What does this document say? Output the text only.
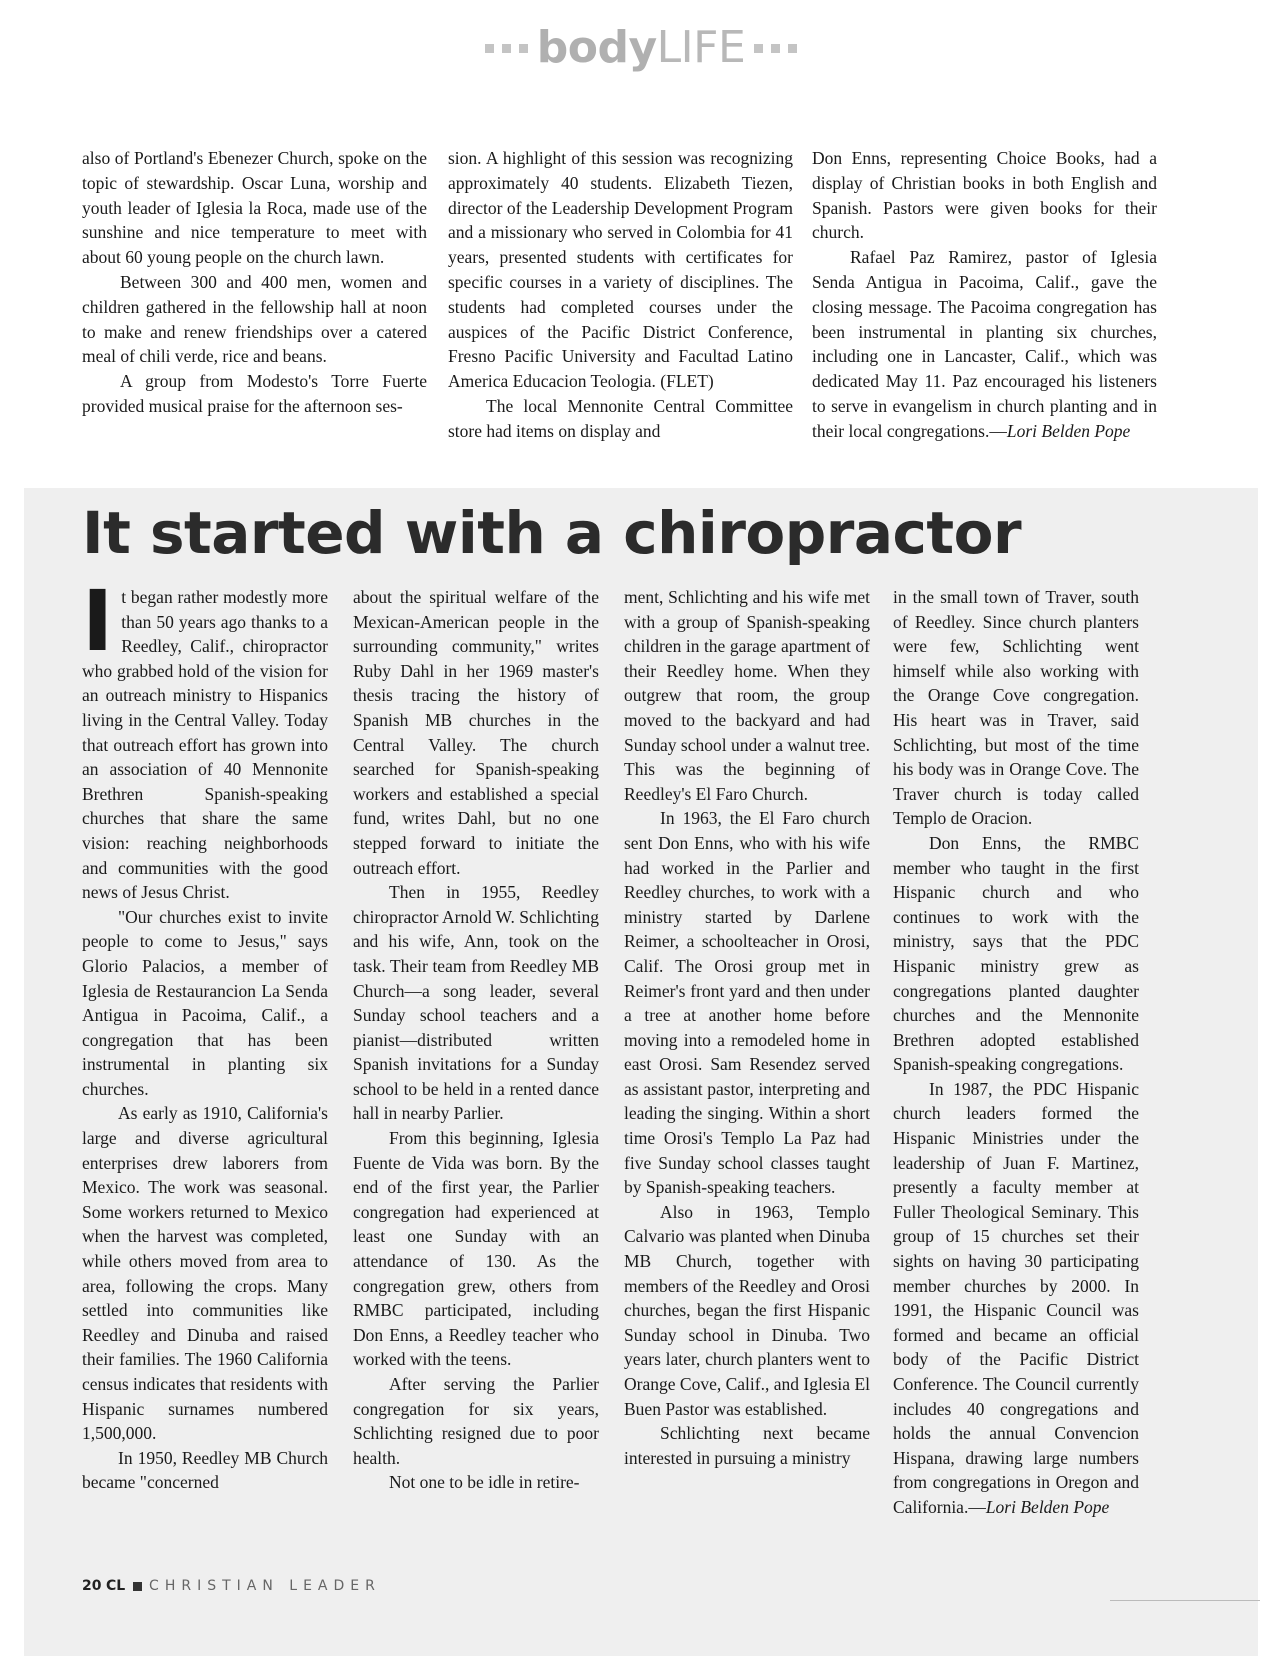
bodyLIFE

also of Portland's Ebenezer Church, spoke on the topic of stewardship. Oscar Luna, worship and youth leader of Iglesia la Roca, made use of the sunshine and nice temperature to meet with about 60 young people on the church lawn.

Between 300 and 400 men, women and children gathered in the fellowship hall at noon to make and renew friendships over a catered meal of chili verde, rice and beans.

A group from Modesto's Torre Fuerte provided musical praise for the afternoon ses-

sion. A highlight of this session was recognizing approximately 40 students. Elizabeth Tiezen, director of the Leadership Development Program and a missionary who served in Colombia for 41 years, presented students with certificates for specific courses in a variety of disciplines. The students had completed courses under the auspices of the Pacific District Conference, Fresno Pacific University and Facultad Latino America Educacion Teologia. (FLET)

The local Mennonite Central Committee store had items on display and

Don Enns, representing Choice Books, had a display of Christian books in both English and Spanish. Pastors were given books for their church.

Rafael Paz Ramirez, pastor of Iglesia Senda Antigua in Pacoima, Calif., gave the closing message. The Pacoima congregation has been instrumental in planting six churches, including one in Lancaster, Calif., which was dedicated May 11. Paz encouraged his listeners to serve in evangelism in church planting and in their local congregations.—Lori Belden Pope

It started with a chiropractor

It began rather modestly more than 50 years ago thanks to a Reedley, Calif., chiropractor who grabbed hold of the vision for an outreach ministry to Hispanics living in the Central Valley. Today that outreach effort has grown into an association of 40 Mennonite Brethren Spanish-speaking churches that share the same vision: reaching neighborhoods and communities with the good news of Jesus Christ.

"Our churches exist to invite people to come to Jesus," says Glorio Palacios, a member of Iglesia de Restaurancion La Senda Antigua in Pacoima, Calif., a congregation that has been instrumental in planting six churches.

As early as 1910, California's large and diverse agricultural enterprises drew laborers from Mexico. The work was seasonal. Some workers returned to Mexico when the harvest was completed, while others moved from area to area, following the crops. Many settled into communities like Reedley and Dinuba and raised their families. The 1960 California census indicates that residents with Hispanic surnames numbered 1,500,000.

In 1950, Reedley MB Church became "concerned

about the spiritual welfare of the Mexican-American people in the surrounding community," writes Ruby Dahl in her 1969 master's thesis tracing the history of Spanish MB churches in the Central Valley. The church searched for Spanish-speaking workers and established a special fund, writes Dahl, but no one stepped forward to initiate the outreach effort.

Then in 1955, Reedley chiropractor Arnold W. Schlichting and his wife, Ann, took on the task. Their team from Reedley MB Church—a song leader, several Sunday school teachers and a pianist—distributed written Spanish invitations for a Sunday school to be held in a rented dance hall in nearby Parlier.

From this beginning, Iglesia Fuente de Vida was born. By the end of the first year, the Parlier congregation had experienced at least one Sunday with an attendance of 130. As the congregation grew, others from RMBC participated, including Don Enns, a Reedley teacher who worked with the teens.

After serving the Parlier congregation for six years, Schlichting resigned due to poor health.

Not one to be idle in retire-

ment, Schlichting and his wife met with a group of Spanish-speaking children in the garage apartment of their Reedley home. When they outgrew that room, the group moved to the backyard and had Sunday school under a walnut tree. This was the beginning of Reedley's El Faro Church.

In 1963, the El Faro church sent Don Enns, who with his wife had worked in the Parlier and Reedley churches, to work with a ministry started by Darlene Reimer, a schoolteacher in Orosi, Calif. The Orosi group met in Reimer's front yard and then under a tree at another home before moving into a remodeled home in east Orosi. Sam Resendez served as assistant pastor, interpreting and leading the singing. Within a short time Orosi's Templo La Paz had five Sunday school classes taught by Spanish-speaking teachers.

Also in 1963, Templo Calvario was planted when Dinuba MB Church, together with members of the Reedley and Orosi churches, began the first Hispanic Sunday school in Dinuba. Two years later, church planters went to Orange Cove, Calif., and Iglesia El Buen Pastor was established.

Schlichting next became interested in pursuing a ministry

in the small town of Traver, south of Reedley. Since church planters were few, Schlichting went himself while also working with the Orange Cove congregation. His heart was in Traver, said Schlichting, but most of the time his body was in Orange Cove. The Traver church is today called Templo de Oracion.

Don Enns, the RMBC member who taught in the first Hispanic church and who continues to work with the ministry, says that the PDC Hispanic ministry grew as congregations planted daughter churches and the Mennonite Brethren adopted established Spanish-speaking congregations.

In 1987, the PDC Hispanic church leaders formed the Hispanic Ministries under the leadership of Juan F. Martinez, presently a faculty member at Fuller Theological Seminary. This group of 15 churches set their sights on having 30 participating member churches by 2000. In 1991, the Hispanic Council was formed and became an official body of the Pacific District Conference. The Council currently includes 40 congregations and holds the annual Convencion Hispana, drawing large numbers from congregations in Oregon and California.—Lori Belden Pope

20 CL CHRISTIAN LEADER
